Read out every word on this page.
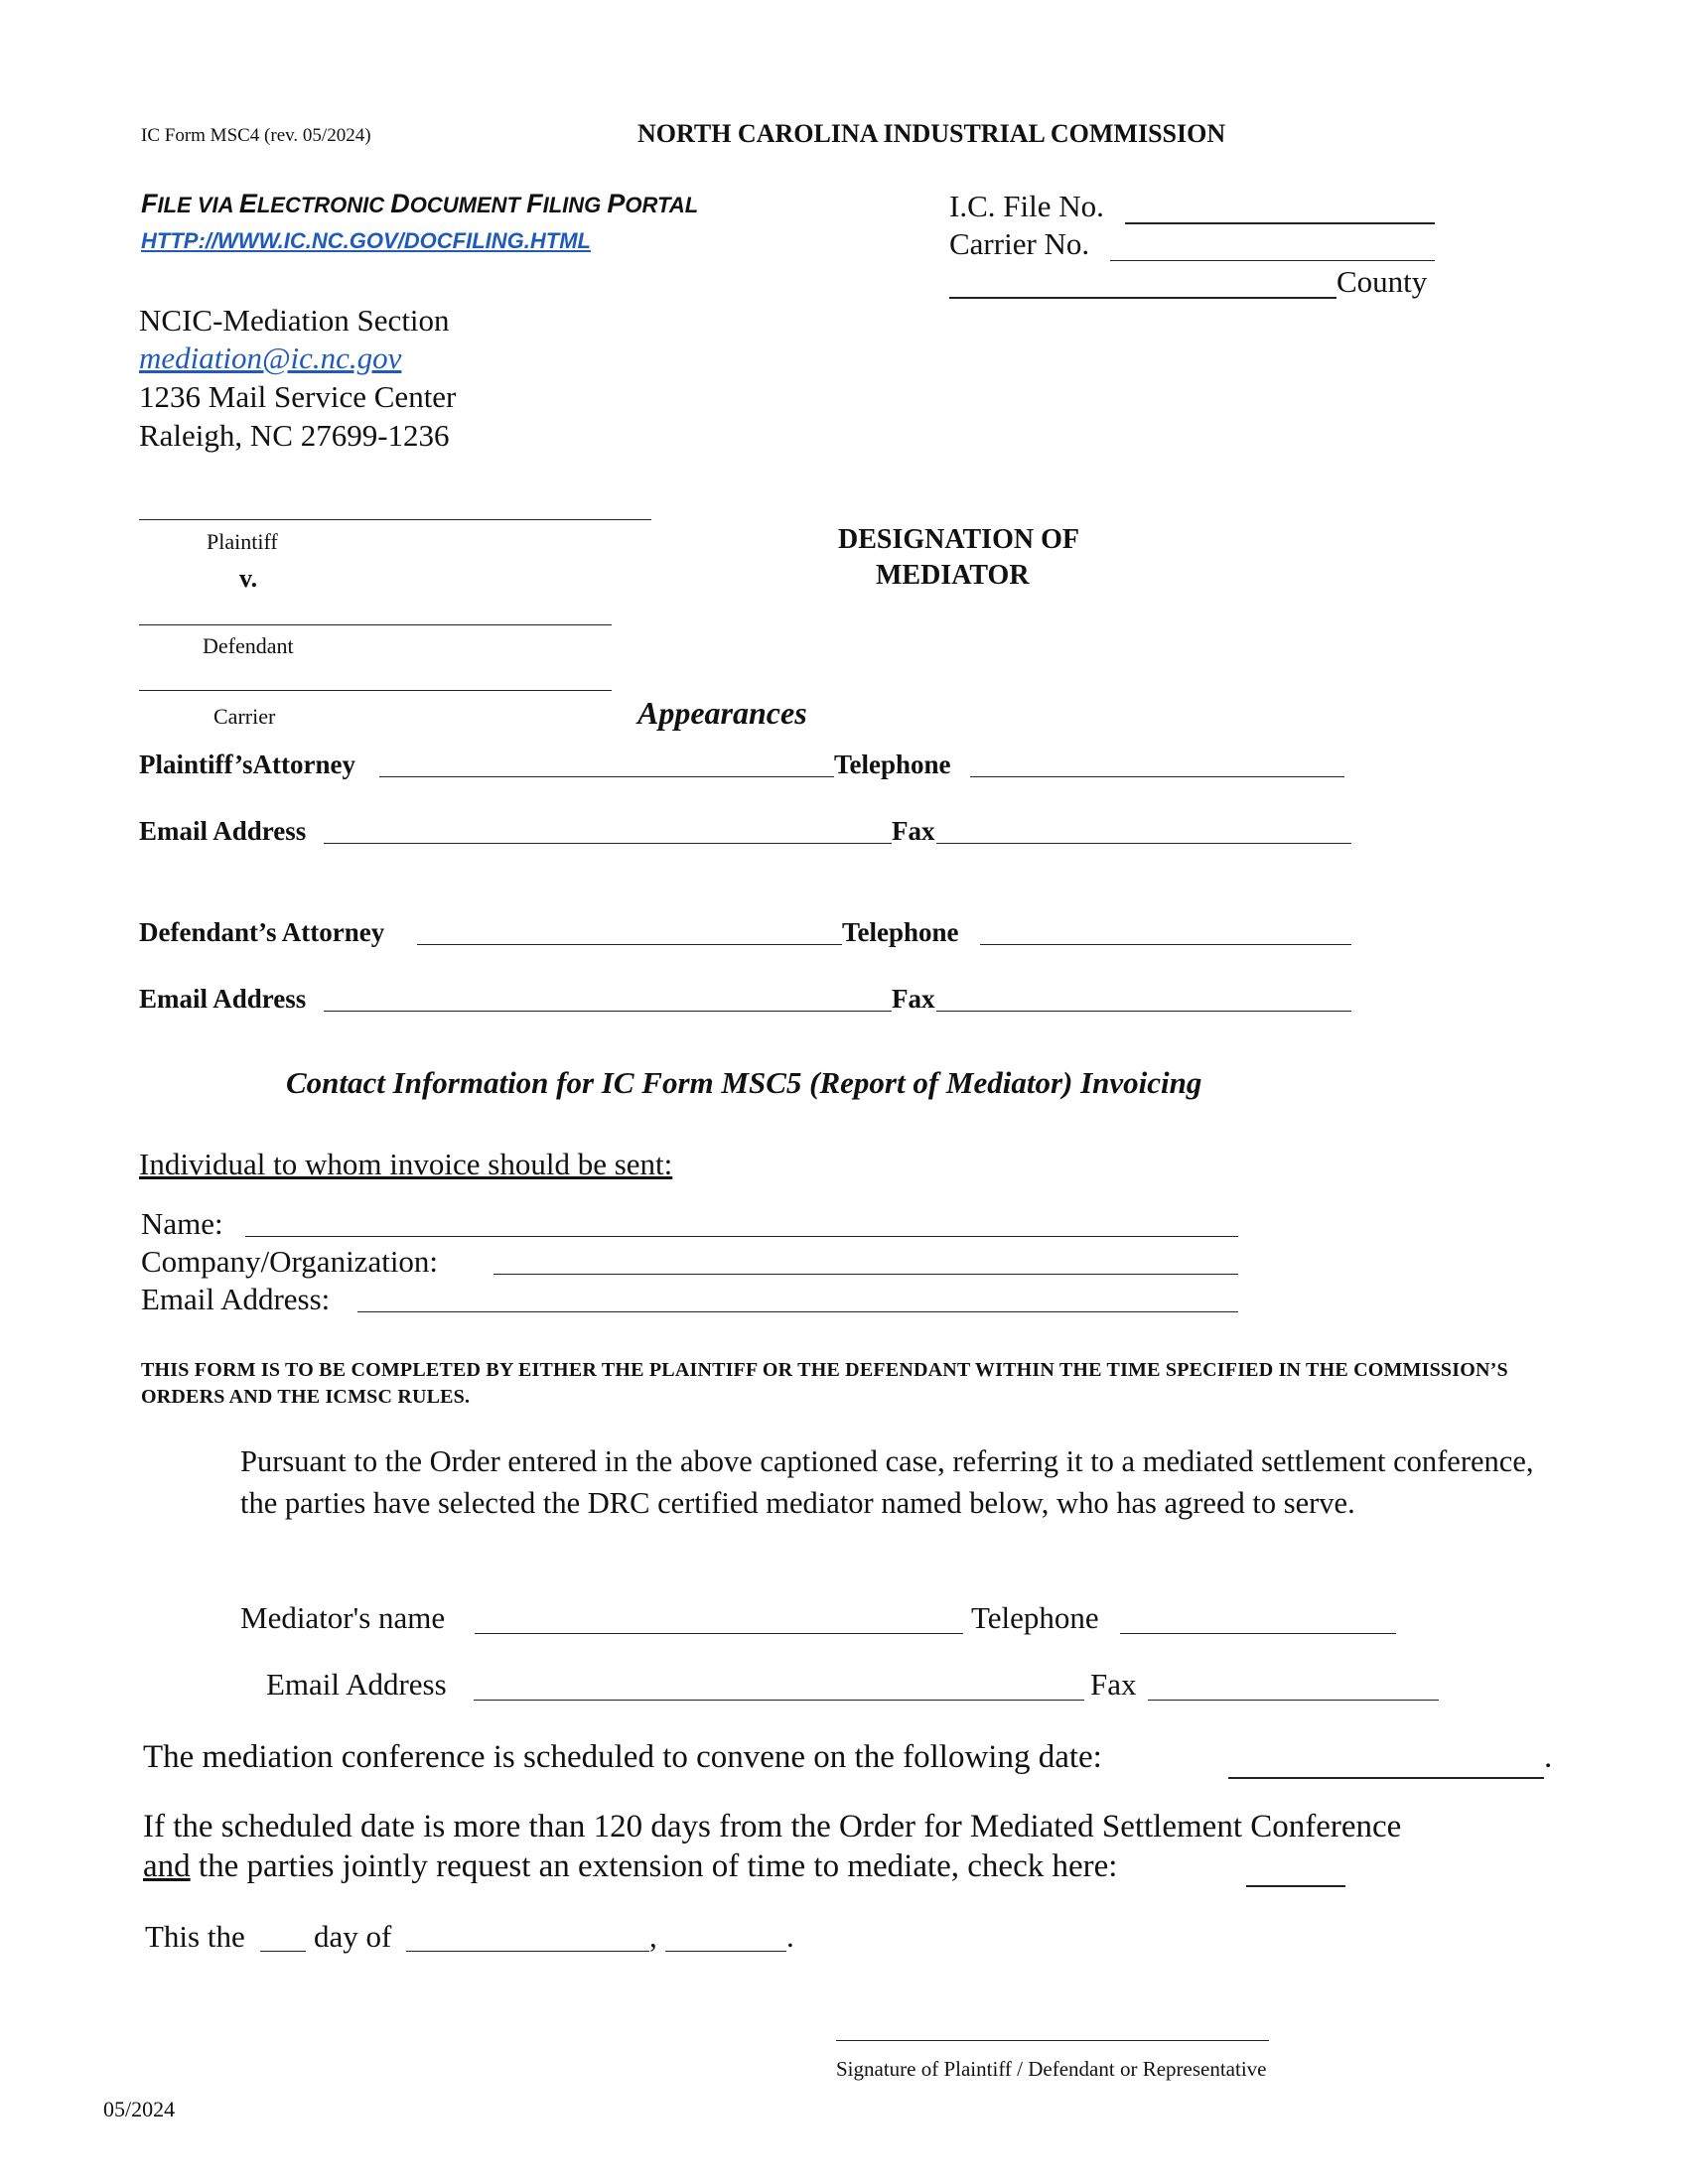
IC Form MSC4 (rev. 05/2024)	NORTH CAROLINA INDUSTRIAL COMMISSION
FILE VIA ELECTRONIC DOCUMENT FILING PORTAL
HTTP://WWW.IC.NC.GOV/DOCFILING.HTML
I.C. File No.
Carrier No.
County
NCIC-Mediation Section
mediation@ic.nc.gov
1236 Mail Service Center
Raleigh, NC 27699-1236
Plaintiff
v.
Defendant
Carrier
DESIGNATION OF
MEDIATOR
Appearances
Plaintiff’sAttorney	Telephone
Email Address	Fax
Defendant’s Attorney	Telephone
Email Address	Fax
Contact Information for IC Form MSC5 (Report of Mediator) Invoicing
Individual to whom invoice should be sent:
Name:
Company/Organization:
Email Address:
THIS FORM IS TO BE COMPLETED BY EITHER THE PLAINTIFF OR THE DEFENDANT WITHIN THE TIME SPECIFIED IN THE COMMISSION’S ORDERS AND THE ICMSC RULES.
Pursuant to the Order entered in the above captioned case, referring it to a mediated settlement conference, the parties have selected the DRC certified mediator named below, who has agreed to serve.
Mediator's name	Telephone
Email Address	Fax
The mediation conference is scheduled to convene on the following date:	.
If the scheduled date is more than 120 days from the Order for Mediated Settlement Conference
and the parties jointly request an extension of time to mediate, check here:
This the day of	,	.
Signature of Plaintiff / Defendant or Representative
05/2024
